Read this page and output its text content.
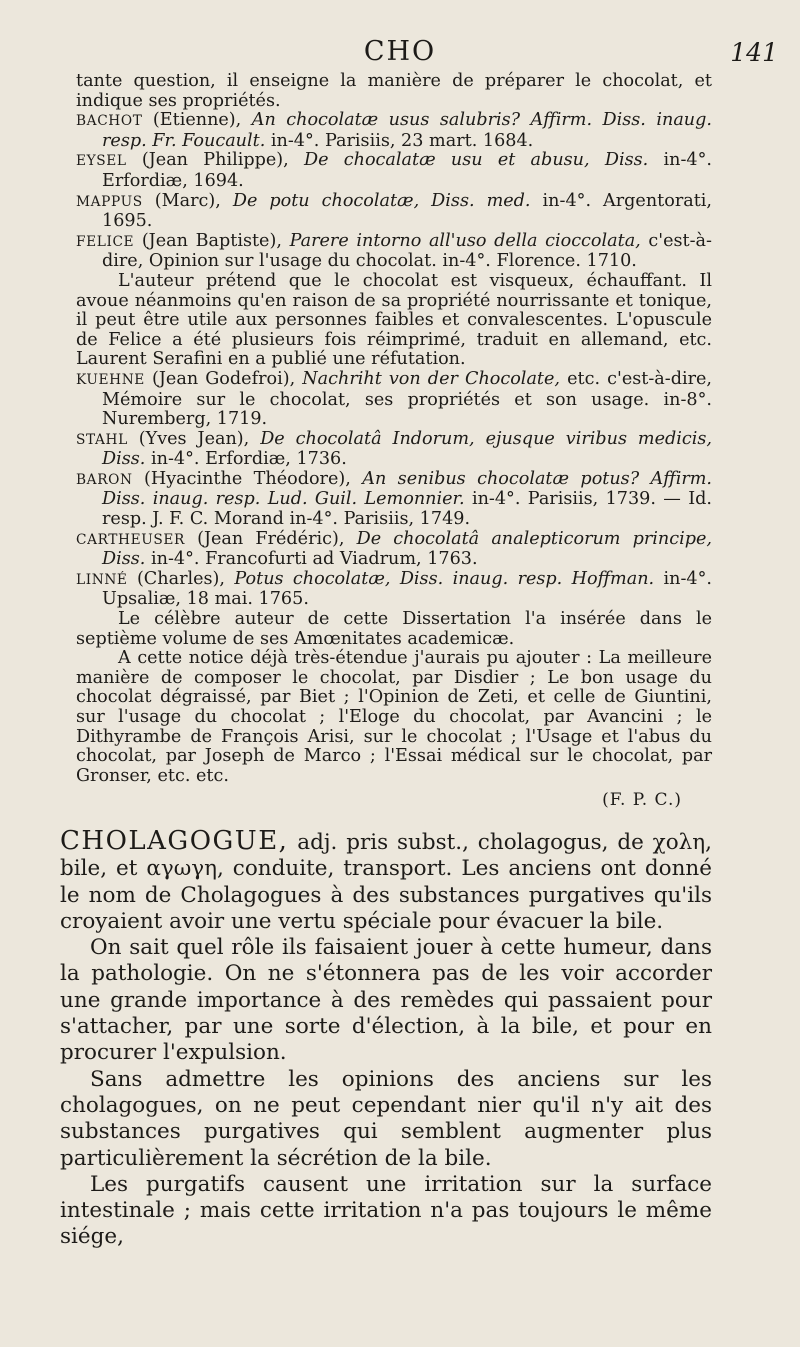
CHO	141

tante question, il enseigne la manière de préparer le chocolat, et indique ses propriétés.

BACHOT (Etienne), An chocolatæ usus salubris? Affirm. Diss. inaug. resp. Fr. Foucault. in-4°. Parisiis, 23 mart. 1684.

EYSEL (Jean Philippe), De chocalatæ usu et abusu, Diss. in-4°. Erfordiæ, 1694.

MAPPUS (Marc), De potu chocolatæ, Diss. med. in-4°. Argentorati, 1695.

FELICE (Jean Baptiste), Parere intorno all'uso della cioccolata, c'est-à-dire, Opinion sur l'usage du chocolat. in-4°. Florence. 1710.

L'auteur prétend que le chocolat est visqueux, échauffant. Il avoue néanmoins qu'en raison de sa propriété nourrissante et tonique, il peut être utile aux personnes faibles et convalescentes. L'opuscule de Felice a été plusieurs fois réimprimé, traduit en allemand, etc. Laurent Serafini en a publié une réfutation.

KUEHNE (Jean Godefroi), Nachriht von der Chocolate, etc. c'est-à-dire, Mémoire sur le chocolat, ses propriétés et son usage. in-8°. Nuremberg, 1719.

STAHL (Yves Jean), De chocolatâ Indorum, ejusque viribus medicis, Diss. in-4°. Erfordiæ, 1736.

BARON (Hyacinthe Théodore), An senibus chocolatæ potus? Affirm. Diss. inaug. resp. Lud. Guil. Lemonnier. in-4°. Parisiis, 1739. — Id. resp. J. F. C. Morand in-4°. Parisiis, 1749.

CARTHEUSER (Jean Frédéric), De chocolatâ analepticorum principe, Diss. in-4°. Francofurti ad Viadrum, 1763.

LINNÉ (Charles), Potus chocolatæ, Diss. inaug. resp. Hoffman. in-4°. Upsaliæ, 18 mai. 1765.

Le célèbre auteur de cette Dissertation l'a insérée dans le septième volume de ses Amœnitates academicæ.

A cette notice déjà très-étendue j'aurais pu ajouter : La meilleure manière de composer le chocolat, par Disdier ; Le bon usage du chocolat dégraissé, par Biet ; l'Opinion de Zeti, et celle de Giuntini, sur l'usage du chocolat ; l'Eloge du chocolat, par Avancini ; le Dithyrambe de François Arisi, sur le chocolat ; l'Usage et l'abus du chocolat, par Joseph de Marco ; l'Essai médical sur le chocolat, par Gronser, etc. etc.

(F. P. C.)

CHOLAGOGUE, adj. pris subst., cholagogus, de χολη, bile, et αγωγη, conduite, transport. Les anciens ont donné le nom de Cholagogues à des substances purgatives qu'ils croyaient avoir une vertu spéciale pour évacuer la bile.

On sait quel rôle ils faisaient jouer à cette humeur, dans la pathologie. On ne s'étonnera pas de les voir accorder une grande importance à des remèdes qui passaient pour s'attacher, par une sorte d'élection, à la bile, et pour en procurer l'expulsion.

Sans admettre les opinions des anciens sur les cholagogues, on ne peut cependant nier qu'il n'y ait des substances purgatives qui semblent augmenter plus particulièrement la sécrétion de la bile.

Les purgatifs causent une irritation sur la surface intestinale ; mais cette irritation n'a pas toujours le même siége,
